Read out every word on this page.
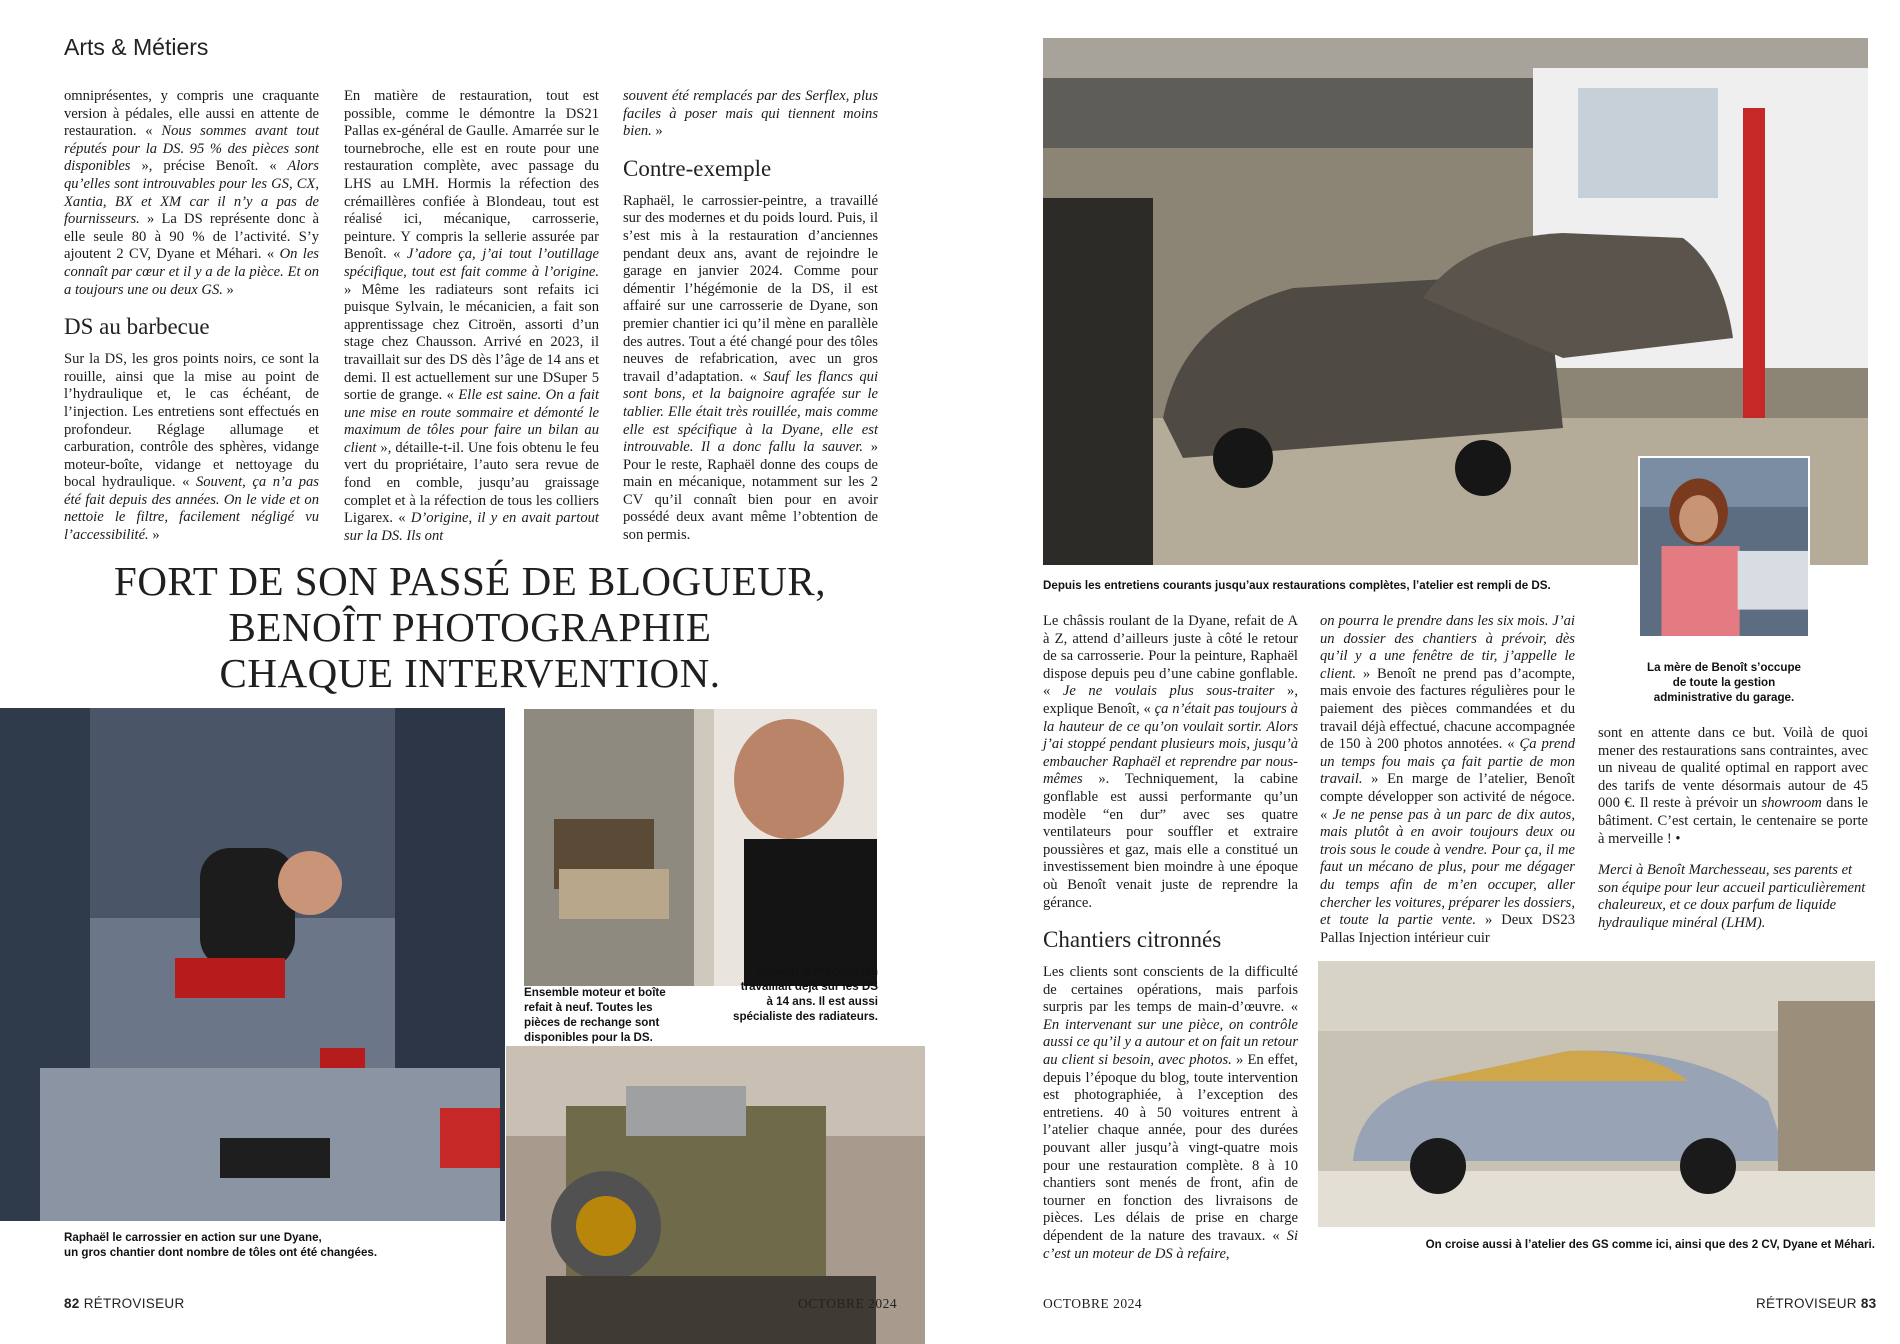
Arts & Métiers

omniprésentes, y compris une craquante version à pédales, elle aussi en attente de restauration. « Nous sommes avant tout réputés pour la DS. 95 % des pièces sont disponibles », précise Benoît. « Alors qu’elles sont introuvables pour les GS, CX, Xantia, BX et XM car il n’y a pas de fournisseurs. » La DS représente donc à elle seule 80 à 90 % de l’activité. S’y ajoutent 2 CV, Dyane et Méhari. « On les connaît par cœur et il y a de la pièce. Et on a toujours une ou deux GS. »

DS au barbecue

Sur la DS, les gros points noirs, ce sont la rouille, ainsi que la mise au point de l’hydraulique et, le cas échéant, de l’injection. Les entretiens sont effectués en profondeur. Réglage allumage et carburation, contrôle des sphères, vidange moteur-boîte, vidange et nettoyage du bocal hydraulique. « Souvent, ça n’a pas été fait depuis des années. On le vide et on nettoie le filtre, facilement négligé vu l’accessibilité. »

En matière de restauration, tout est possible, comme le démontre la DS21 Pallas ex-général de Gaulle. Amarrée sur le tournebroche, elle est en route pour une restauration complète, avec passage du LHS au LMH. Hormis la réfection des crémaillères confiée à Blondeau, tout est réalisé ici, mécanique, carrosserie, peinture. Y compris la sellerie assurée par Benoît. « J’adore ça, j’ai tout l’outillage spécifique, tout est fait comme à l’origine. » Même les radiateurs sont refaits ici puisque Sylvain, le mécanicien, a fait son apprentissage chez Citroën, assorti d’un stage chez Chausson. Arrivé en 2023, il travaillait sur des DS dès l’âge de 14 ans et demi. Il est actuellement sur une DSuper 5 sortie de grange. « Elle est saine. On a fait une mise en route sommaire et démonté le maximum de tôles pour faire un bilan au client », détaille-t-il. Une fois obtenu le feu vert du propriétaire, l’auto sera revue de fond en comble, jusqu’au graissage complet et à la réfection de tous les colliers Ligarex. « D’origine, il y en avait partout sur la DS. Ils ont

souvent été remplacés par des Serflex, plus faciles à poser mais qui tiennent moins bien. »

Contre-exemple

Raphaël, le carrossier-peintre, a travaillé sur des modernes et du poids lourd. Puis, il s’est mis à la restauration d’anciennes pendant deux ans, avant de rejoindre le garage en janvier 2024. Comme pour démentir l’hégémonie de la DS, il est affairé sur une carrosserie de Dyane, son premier chantier ici qu’il mène en parallèle des autres. Tout a été changé pour des tôles neuves de refabrication, avec un gros travail d’adaptation. « Sauf les flancs qui sont bons, et la baignoire agrafée sur le tablier. Elle était très rouillée, mais comme elle est spécifique à la Dyane, elle est introuvable. Il a donc fallu la sauver. » Pour le reste, Raphaël donne des coups de main en mécanique, notamment sur les 2 CV qu’il connaît bien pour en avoir possédé deux avant même l’obtention de son permis.

FORT DE SON PASSÉ DE BLOGUEUR,
BENOÎT PHOTOGRAPHIE
CHAQUE INTERVENTION.
Raphaël le carrossier en action sur une Dyane,
un gros chantier dont nombre de tôles ont été changées.
Ensemble moteur et boîte
refait à neuf. Toutes les
pièces de rechange sont
disponibles pour la DS.
Sylvain le mécanicien
travaillait déjà sur les DS
à 14 ans. Il est aussi
spécialiste des radiateurs.
82 RÉTROVISEUR	OCTOBRE 2024
Depuis les entretiens courants jusqu’aux restaurations complètes, l’atelier est rempli de DS.
La mère de Benoît s’occupe
de toute la gestion
administrative du garage.
On croise aussi à l’atelier des GS comme ici, ainsi que des 2 CV, Dyane et Méhari.

Le châssis roulant de la Dyane, refait de A à Z, attend d’ailleurs juste à côté le retour de sa carrosserie. Pour la peinture, Raphaël dispose depuis peu d’une cabine gonflable. « Je ne voulais plus sous-traiter », explique Benoît, « ça n’était pas toujours à la hauteur de ce qu’on voulait sortir. Alors j’ai stoppé pendant plusieurs mois, jusqu’à embaucher Raphaël et reprendre par nous-mêmes ». Techniquement, la cabine gonflable est aussi performante qu’un modèle “en dur” avec ses quatre ventilateurs pour souffler et extraire poussières et gaz, mais elle a constitué un investissement bien moindre à une époque où Benoît venait juste de reprendre la gérance.

Chantiers citronnés

Les clients sont conscients de la difficulté de certaines opérations, mais parfois surpris par les temps de main-d’œuvre. « En intervenant sur une pièce, on contrôle aussi ce qu’il y a autour et on fait un retour au client si besoin, avec photos. » En effet, depuis l’époque du blog, toute intervention est photographiée, à l’exception des entretiens. 40 à 50 voitures entrent à l’atelier chaque année, pour des durées pouvant aller jusqu’à vingt-quatre mois pour une restauration complète. 8 à 10 chantiers sont menés de front, afin de tourner en fonction des livraisons de pièces. Les délais de prise en charge dépendent de la nature des travaux. « Si c’est un moteur de DS à refaire,

on pourra le prendre dans les six mois. J’ai un dossier des chantiers à prévoir, dès qu’il y a une fenêtre de tir, j’appelle le client. » Benoît ne prend pas d’acompte, mais envoie des factures régulières pour le paiement des pièces commandées et du travail déjà effectué, chacune accompagnée de 150 à 200 photos annotées. « Ça prend un temps fou mais ça fait partie de mon travail. » En marge de l’atelier, Benoît compte développer son activité de négoce. « Je ne pense pas à un parc de dix autos, mais plutôt à en avoir toujours deux ou trois sous le coude à vendre. Pour ça, il me faut un mécano de plus, pour me dégager du temps afin de m’en occuper, aller chercher les voitures, préparer les dossiers, et toute la partie vente. » Deux DS23 Pallas Injection intérieur cuir

sont en attente dans ce but. Voilà de quoi mener des restaurations sans contraintes, avec un niveau de qualité optimal en rapport avec des tarifs de vente désormais autour de 45 000 €. Il reste à prévoir un showroom dans le bâtiment. C’est certain, le centenaire se porte à merveille ! •

Merci à Benoît Marchesseau, ses parents et son équipe pour leur accueil particulièrement chaleureux, et ce doux parfum de liquide hydraulique minéral (LHM).

OCTOBRE 2024	RÉTROVISEUR 83
